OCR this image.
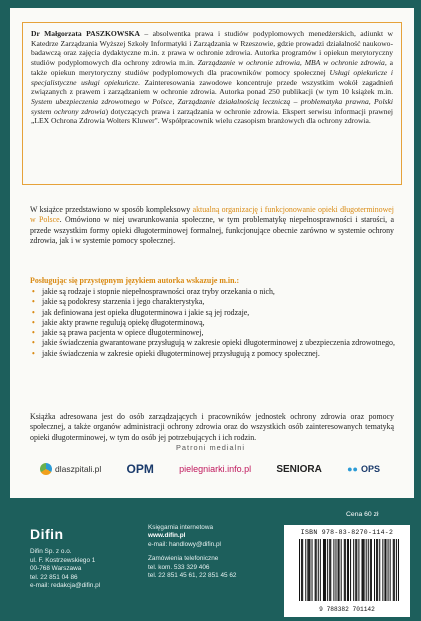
Dr Małgorzata PASZKOWSKA – absolwentka prawa i studiów podyplomowych menedżerskich, adiunkt w Katedrze Zarządzania Wyższej Szkoły Informatyki i Zarządzania w Rzeszowie, gdzie prowadzi działalność naukowo-badawczą oraz zajęcia dydaktyczne m.in. z prawa w ochronie zdrowia. Autorka programów i opiekun merytoryczny studiów podyplomowych dla ochrony zdrowia m.in. Zarządzanie w ochronie zdrowia, MBA w ochronie zdrowia, a także opiekun merytoryczny studiów podyplomowych dla pracowników pomocy społecznej Usługi opiekuńcze i specjalistyczne usługi opiekuńcze. Zainteresowania zawodowe koncentruje przede wszystkim wokół zagadnień związanych z prawem i zarządzaniem w ochronie zdrowia. Autorka ponad 250 publikacji (w tym 10 książek m.in. System ubezpieczenia zdrowotnego w Polsce, Zarządzanie działalnością leczniczą – problematyka prawna, Polski system ochrony zdrowia) dotyczących prawa i zarządzania w ochronie zdrowia. Ekspert serwisu informacji prawnej „LEX Ochrona Zdrowia Wolters Kluwer". Współpracownik wielu czasopism branżowych dla ochrony zdrowia.

W książce przedstawiono w sposób kompleksowy aktualną organizację i funkcjonowanie opieki długoterminowej w Polsce. Omówiono w niej uwarunkowania społeczne, w tym problematykę niepełnosprawności i starości, a przede wszystkim formy opieki długoterminowej formalnej, funkcjonujące obecnie zarówno w systemie ochrony zdrowia, jak i w systemie pomocy społecznej.

Posługując się przystępnym językiem autorka wskazuje m.in.:
• jakie są rodzaje i stopnie niepełnosprawności oraz tryby orzekania o nich,
• jakie są podokresy starzenia i jego charakterystyka,
• jak definiowana jest opieka długoterminowa i jakie są jej rodzaje,
• jakie akty prawne regulują opiekę długoterminową,
• jakie są prawa pacjenta w opiece długoterminowej,
• jakie świadczenia gwarantowane przysługują w zakresie opieki długoterminowej z ubezpieczenia zdrowotnego,
• jakie świadczenia w zakresie opieki długoterminowej przysługują z pomocy społecznej.

Książka adresowana jest do osób zarządzających i pracowników jednostek ochrony zdrowia oraz pomocy społecznej, a także organów administracji ochrony zdrowia oraz do wszystkich osób zainteresowanych tematyką opieki długoterminowej, w tym do osób jej potrzebujących i ich rodzin.

Patroni medialni
dlaszpitali.pl OPM	pielegniarki.info.pl	SENIORA	●● OPS
Difin
Difin Sp. z o.o.
ul. F. Kostrzewskiego 1
00-768 Warszawa
tel. 22 851 04 86
e-mail: redakcja@difin.pl
Księgarnia internetowa
www.difin.pl
e-mail: handlowy@difin.pl
Zamówienia telefoniczne
tel. kom. 533 329 406
tel. 22 851 45 61, 22 851 45 62
Cena 60 zł
ISBN 978-83-8270-114-2
9 788382 701142
